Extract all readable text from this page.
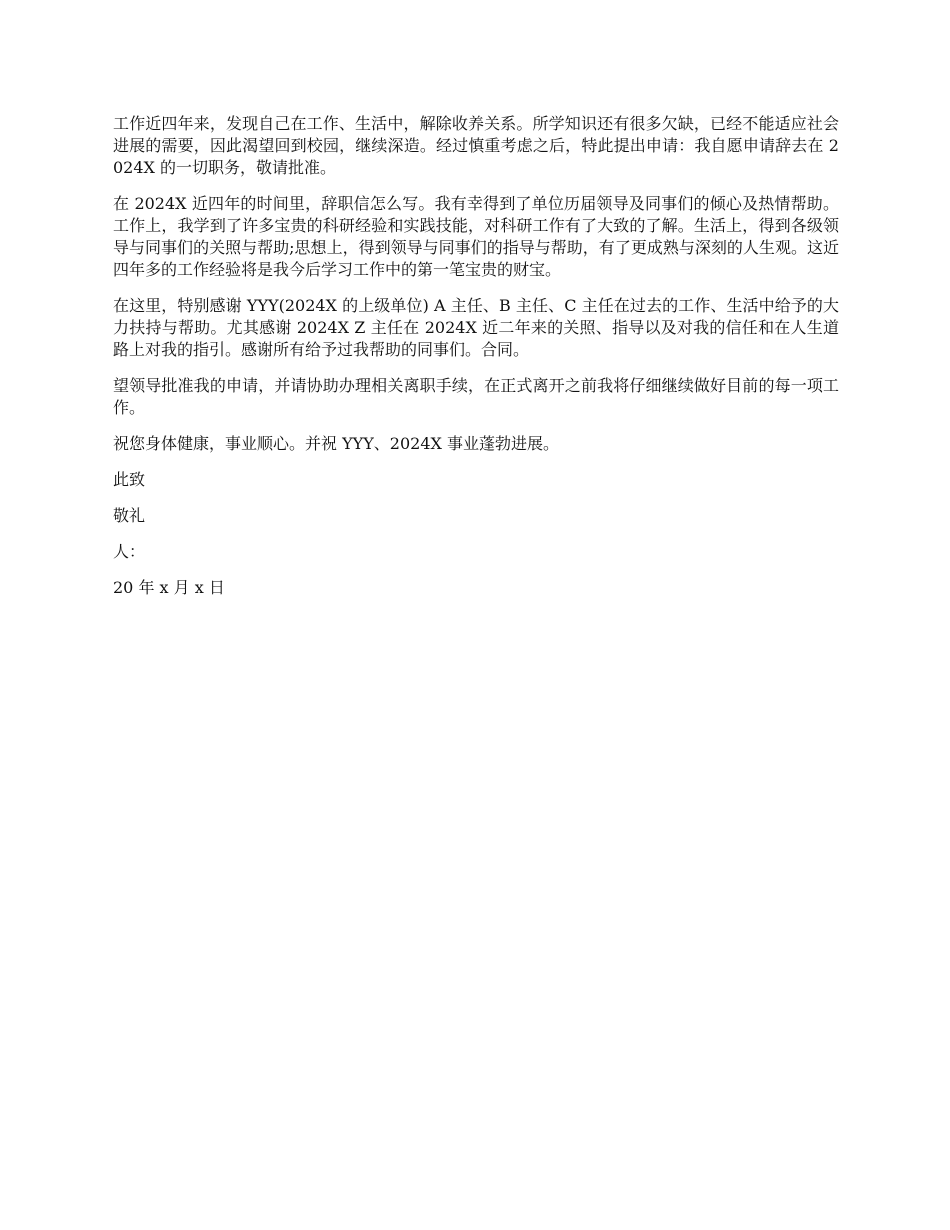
工作近四年来，发现自己在工作、生活中，解除收养关系。所学知识还有很多欠缺，已经不能适应社会进展的需要，因此渴望回到校园，继续深造。经过慎重考虑之后，特此提出申请：我自愿申请辞去在 2024X 的一切职务，敬请批准。

在 2024X 近四年的时间里，辞职信怎么写。我有幸得到了单位历届领导及同事们的倾心及热情帮助。工作上，我学到了许多宝贵的科研经验和实践技能，对科研工作有了大致的了解。生活上，得到各级领导与同事们的关照与帮助;思想上，得到领导与同事们的指导与帮助，有了更成熟与深刻的人生观。这近四年多的工作经验将是我今后学习工作中的第一笔宝贵的财宝。

在这里，特别感谢 YYY(2024X 的上级单位) A 主任、B 主任、C 主任在过去的工作、生活中给予的大力扶持与帮助。尤其感谢 2024X Z 主任在 2024X 近二年来的关照、指导以及对我的信任和在人生道路上对我的指引。感谢所有给予过我帮助的同事们。合同。

望领导批准我的申请，并请协助办理相关离职手续，在正式离开之前我将仔细继续做好目前的每一项工作。

祝您身体健康，事业顺心。并祝 YYY、2024X 事业蓬勃进展。

此致

敬礼

人：

20 年 x 月 x 日
